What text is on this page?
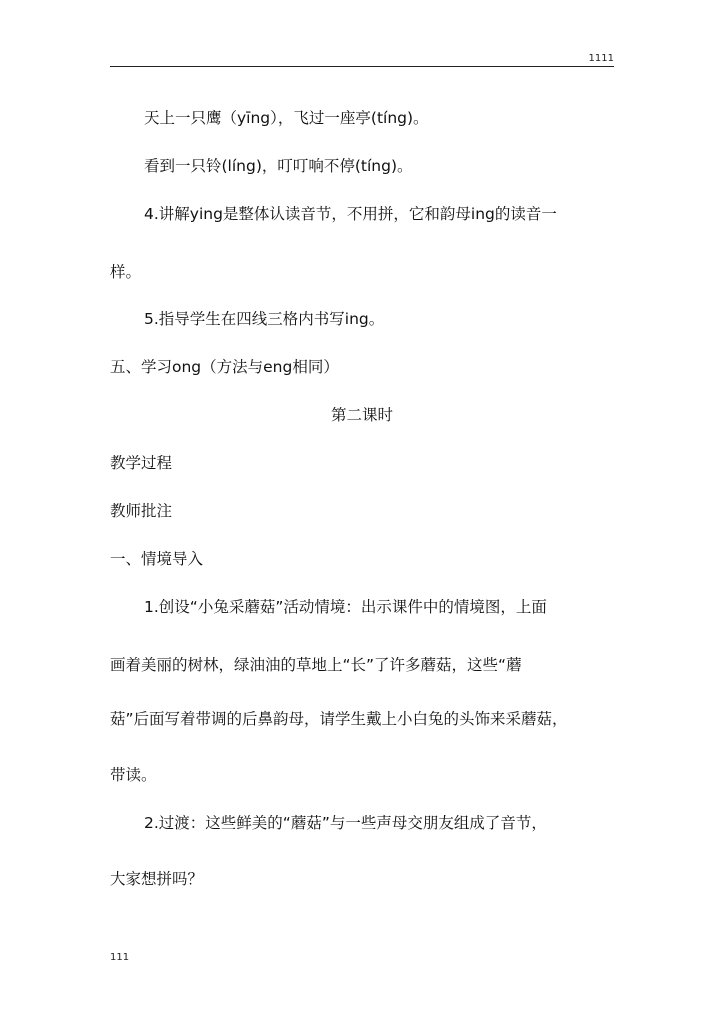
1111
天上一只鹰（yīng），飞过一座亭(tíng)。
看到一只铃(líng)，叮叮响不停(tíng)。
4.讲解ying是整体认读音节，不用拼，它和韵母ing的读音一
样。
5.指导学生在四线三格内书写ing。
五、学习ong（方法与eng相同）
第二课时
教学过程
教师批注
一、情境导入
1.创设“小兔采蘑菇”活动情境：出示课件中的情境图，上面
画着美丽的树林，绿油油的草地上“长”了许多蘑菇，这些“蘑
菇”后面写着带调的后鼻韵母，请学生戴上小白兔的头饰来采蘑菇，
带读。
2.过渡：这些鲜美的“蘑菇”与一些声母交朋友组成了音节，
大家想拼吗？
111
